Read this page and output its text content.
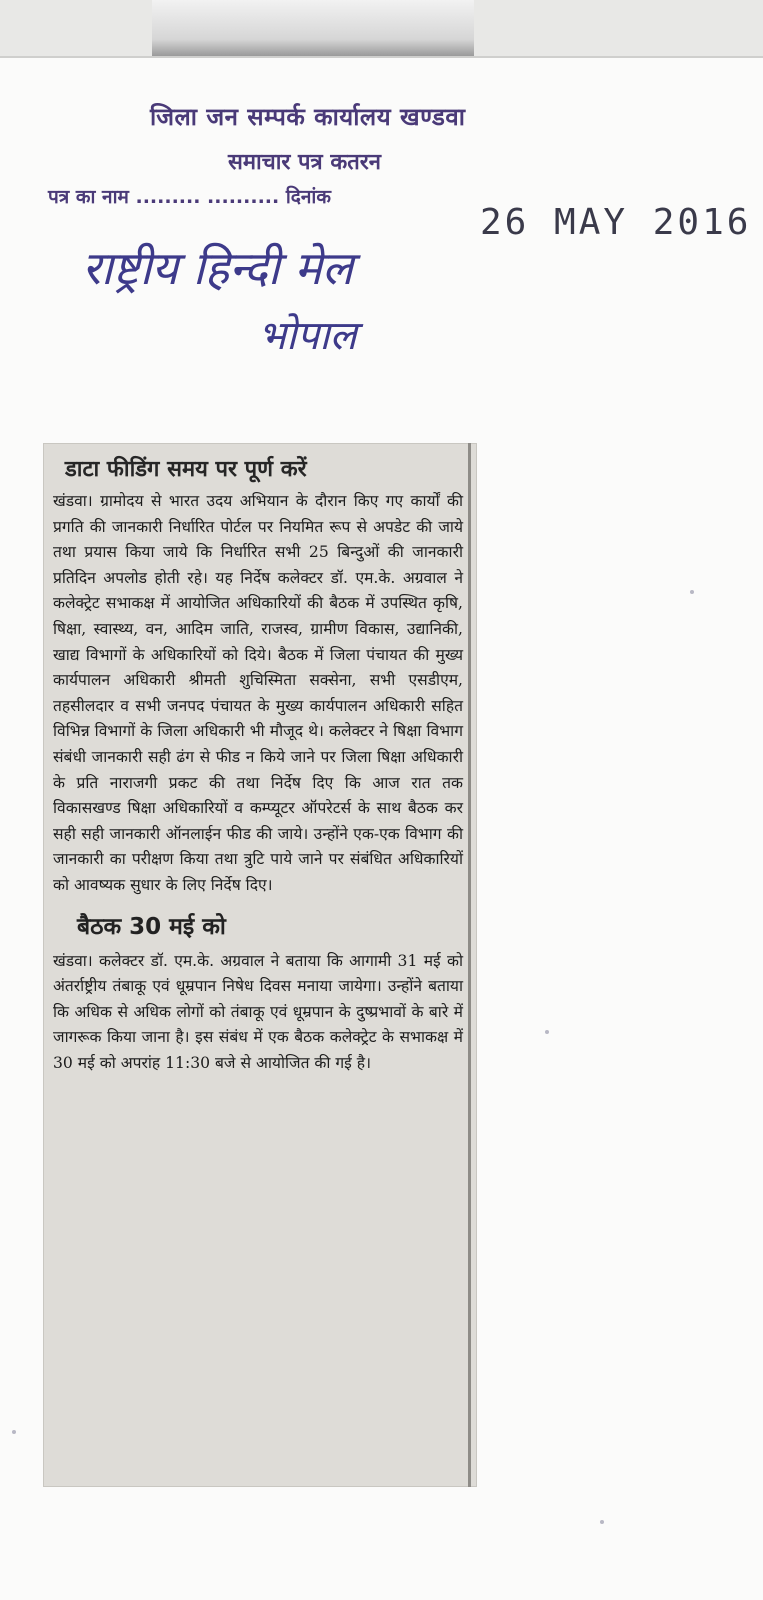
जिला जन सम्पर्क कार्यालय खण्डवा
समाचार पत्र कतरन
पत्र का नाम ......... .......... दिनांक
26 MAY 2016
राष्ट्रीय हिन्दी मेल
भोपाल
डाटा फीडिंग समय पर पूर्ण करें

खंडवा। ग्रामोदय से भारत उदय अभियान के दौरान किए गए कार्यों की प्रगति की जानकारी निर्धारित पोर्टल पर नियमित रूप से अपडेट की जाये तथा प्रयास किया जाये कि निर्धारित सभी 25 बिन्दुओं की जानकारी प्रतिदिन अपलोड होती रहे। यह निर्देष कलेक्टर डॉ. एम.के. अग्रवाल ने कलेक्ट्रेट सभाकक्ष में आयोजित अधिकारियों की बैठक में उपस्थित कृषि, षिक्षा, स्वास्थ्य, वन, आदिम जाति, राजस्व, ग्रामीण विकास, उद्यानिकी, खाद्य विभागों के अधिकारियों को दिये। बैठक में जिला पंचायत की मुख्य कार्यपालन अधिकारी श्रीमती शुचिस्मिता सक्सेना, सभी एसडीएम, तहसीलदार व सभी जनपद पंचायत के मुख्य कार्यपालन अधिकारी सहित विभिन्न विभागों के जिला अधिकारी भी मौजूद थे। कलेक्टर ने षिक्षा विभाग संबंधी जानकारी सही ढंग से फीड न किये जाने पर जिला षिक्षा अधिकारी के प्रति नाराजगी प्रकट की तथा निर्देष दिए कि आज रात तक विकासखण्ड षिक्षा अधिकारियों व कम्प्यूटर ऑपरेटर्स के साथ बैठक कर सही सही जानकारी ऑनलाईन फीड की जाये। उन्होंने एक-एक विभाग की जानकारी का परीक्षण किया तथा त्रुटि पाये जाने पर संबंधित अधिकारियों को आवष्यक सुधार के लिए निर्देष दिए।

बैठक 30 मई को

खंडवा। कलेक्टर डॉ. एम.के. अग्रवाल ने बताया कि आगामी 31 मई को अंतर्राष्ट्रीय तंबाकू एवं धूम्रपान निषेध दिवस मनाया जायेगा। उन्होंने बताया कि अधिक से अधिक लोगों को तंबाकू एवं धूम्रपान के दुष्प्रभावों के बारे में जागरूक किया जाना है। इस संबंध में एक बैठक कलेक्ट्रेट के सभाकक्ष में 30 मई को अपरांह 11:30 बजे से आयोजित की गई है।
